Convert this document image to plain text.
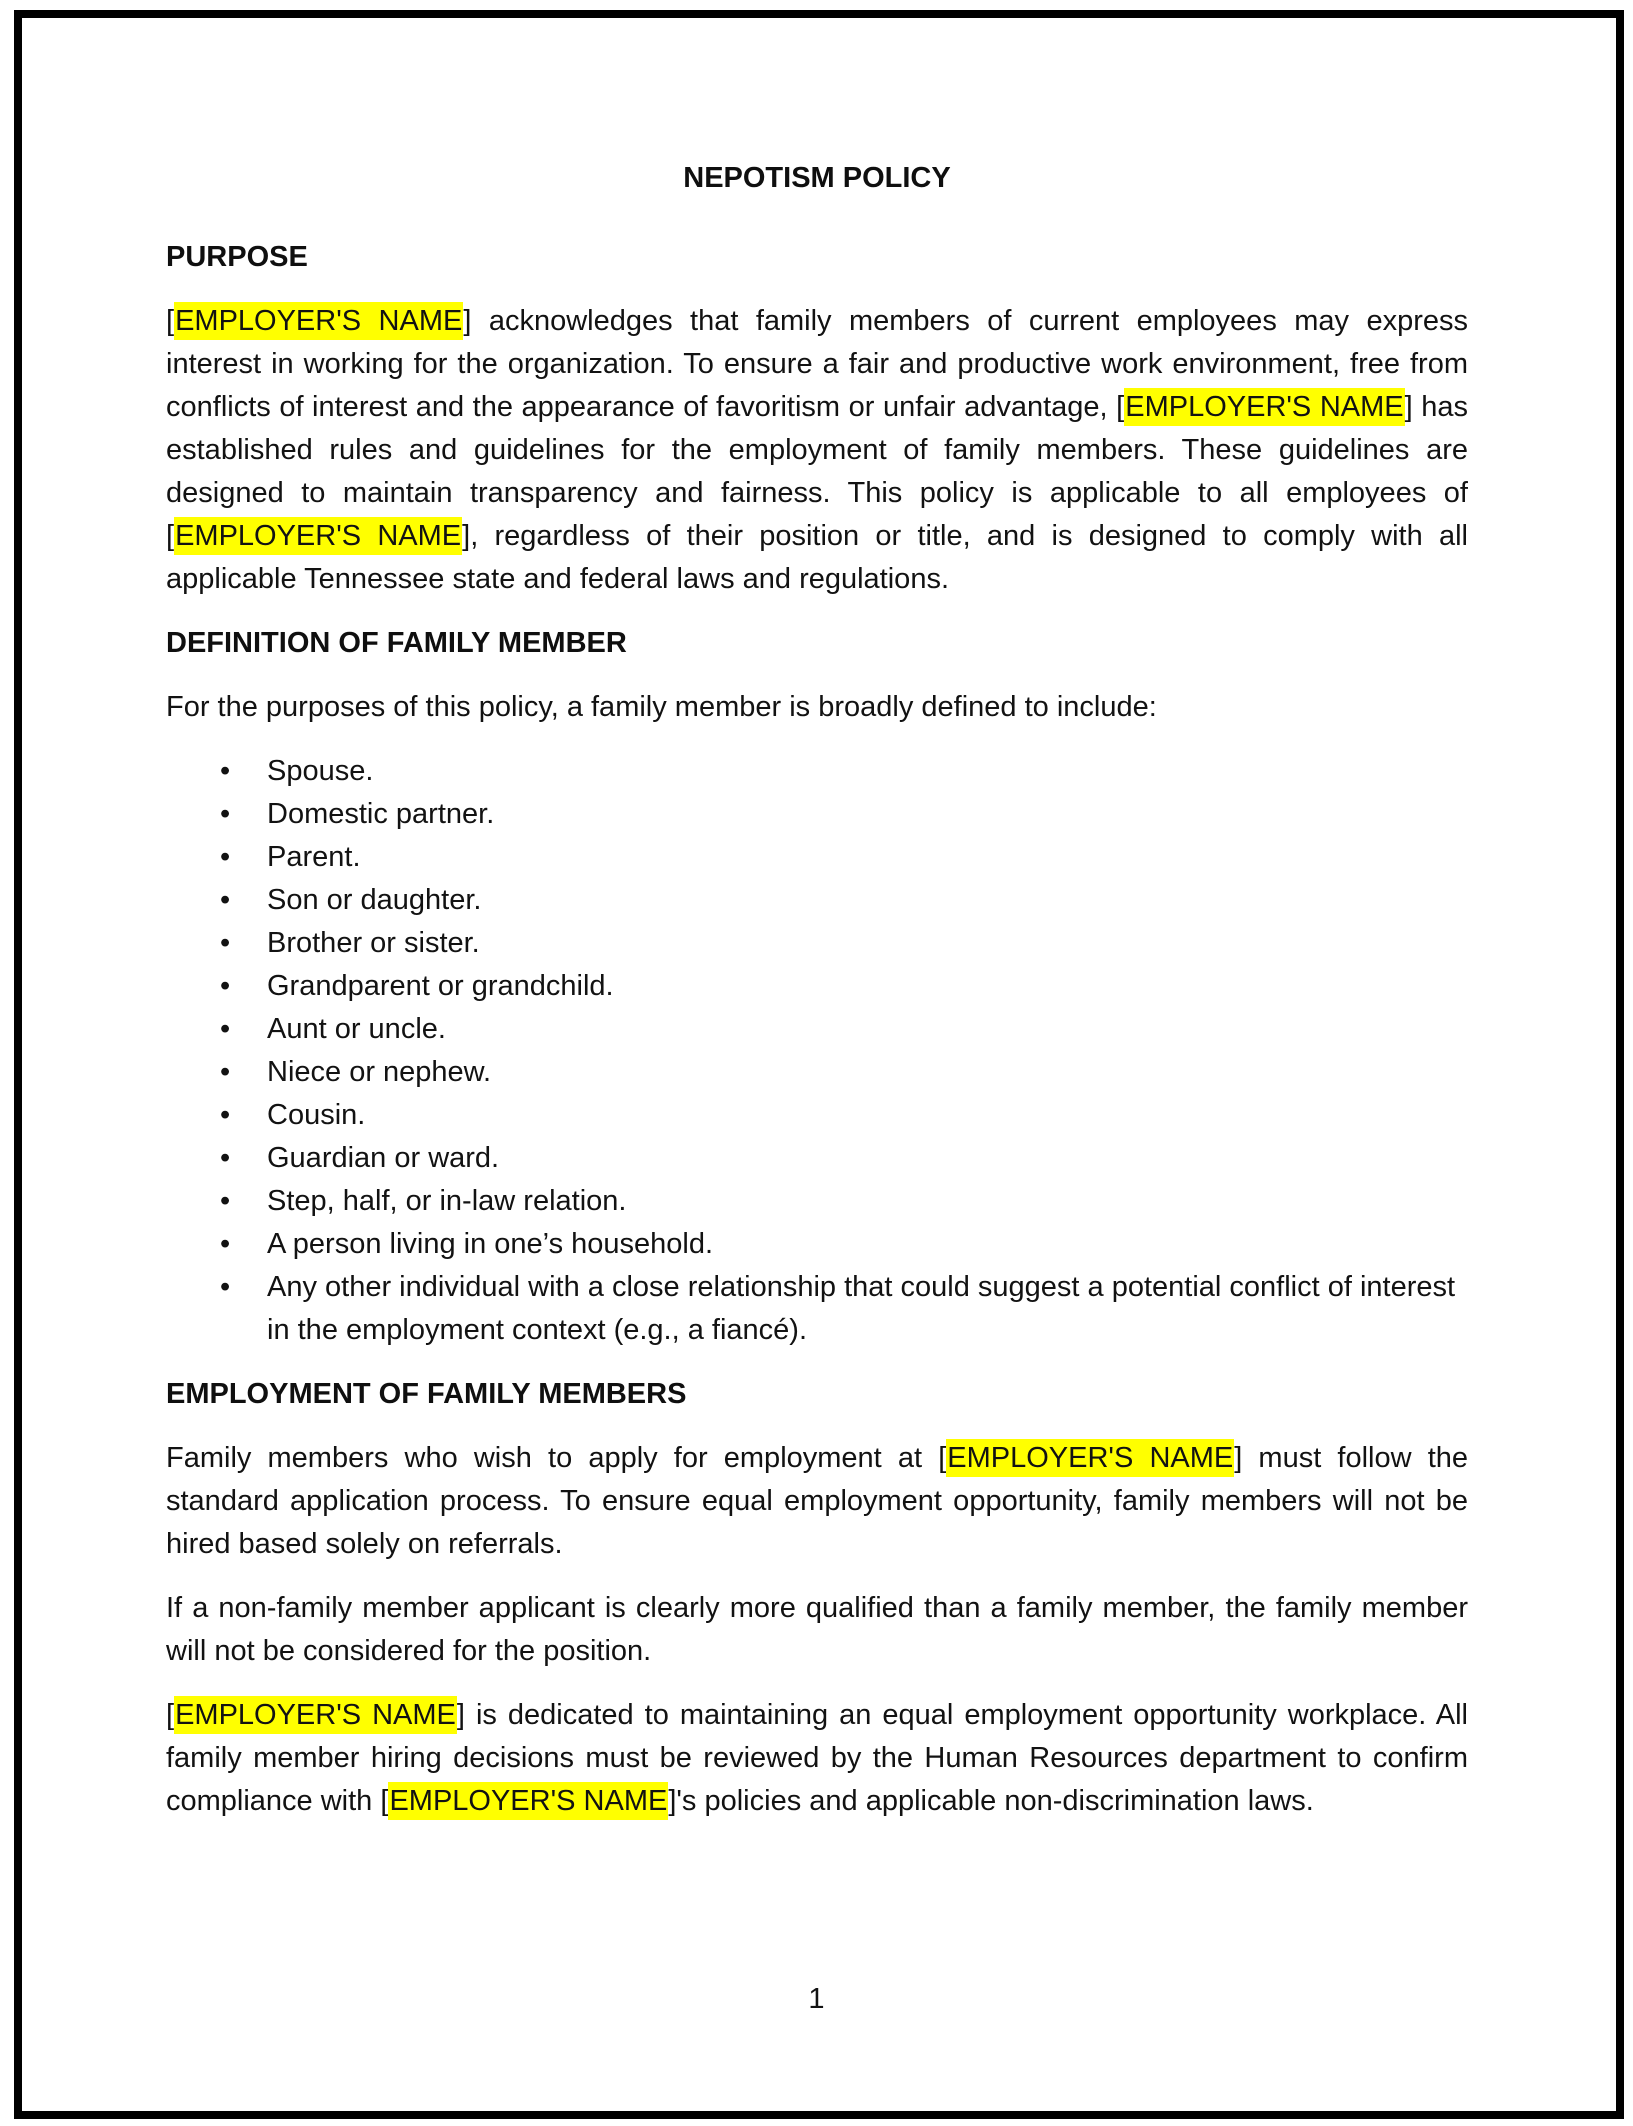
NEPOTISM POLICY
PURPOSE

[EMPLOYER'S NAME] acknowledges that family members of current employees may express interest in working for the organization. To ensure a fair and productive work environment, free from conflicts of interest and the appearance of favoritism or unfair advantage, [EMPLOYER'S NAME] has established rules and guidelines for the employment of family members. These guidelines are designed to maintain transparency and fairness. This policy is applicable to all employees of [EMPLOYER'S NAME], regardless of their position or title, and is designed to comply with all applicable Tennessee state and federal laws and regulations.

DEFINITION OF FAMILY MEMBER

For the purposes of this policy, a family member is broadly defined to include:

• Spouse.
• Domestic partner.
• Parent.
• Son or daughter.
• Brother or sister.
• Grandparent or grandchild.
• Aunt or uncle.
• Niece or nephew.
• Cousin.
• Guardian or ward.
• Step, half, or in-law relation.
• A person living in one’s household.
• Any other individual with a close relationship that could suggest a potential conflict of interest in the employment context (e.g., a fiancé).
EMPLOYMENT OF FAMILY MEMBERS

Family members who wish to apply for employment at [EMPLOYER'S NAME] must follow the standard application process. To ensure equal employment opportunity, family members will not be hired based solely on referrals.

If a non-family member applicant is clearly more qualified than a family member, the family member will not be considered for the position.

[EMPLOYER'S NAME] is dedicated to maintaining an equal employment opportunity workplace. All family member hiring decisions must be reviewed by the Human Resources department to confirm compliance with [EMPLOYER'S NAME]'s policies and applicable non-discrimination laws.

1
